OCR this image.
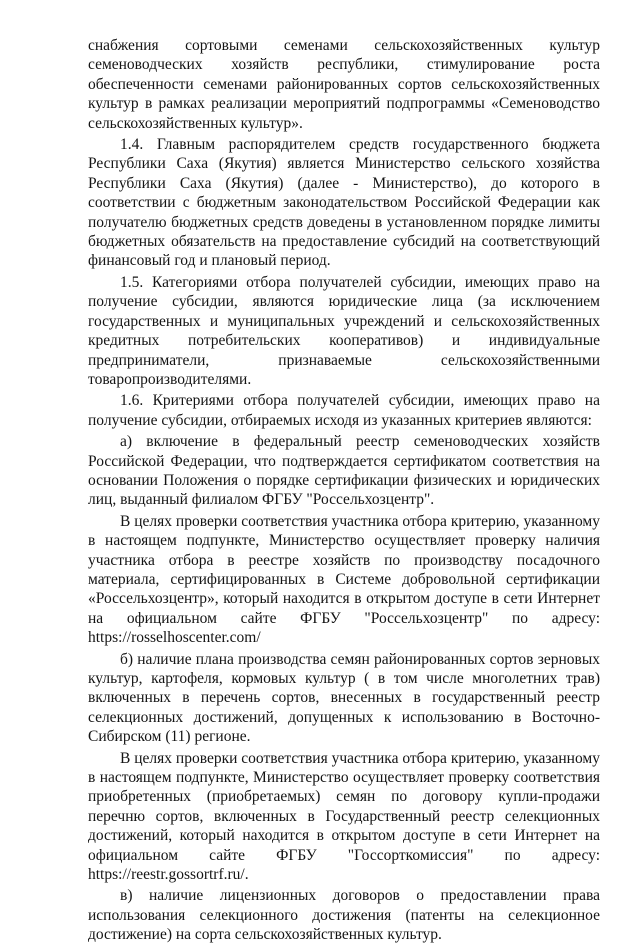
снабжения сортовыми семенами сельскохозяйственных культур семеноводческих хозяйств республики, стимулирование роста обеспеченности семенами районированных сортов сельскохозяйственных культур в рамках реализации мероприятий подпрограммы «Семеноводство сельскохозяйственных культур».

1.4. Главным распорядителем средств государственного бюджета Республики Саха (Якутия) является Министерство сельского хозяйства Республики Саха (Якутия) (далее - Министерство), до которого в соответствии с бюджетным законодательством Российской Федерации как получателю бюджетных средств доведены в установленном порядке лимиты бюджетных обязательств на предоставление субсидий на соответствующий финансовый год и плановый период.

1.5. Категориями отбора получателей субсидии, имеющих право на получение субсидии, являются юридические лица (за исключением государственных и муниципальных учреждений и сельскохозяйственных кредитных потребительских кооперативов) и индивидуальные предприниматели, признаваемые сельскохозяйственными товаропроизводителями.

1.6. Критериями отбора получателей субсидии, имеющих право на получение субсидии, отбираемых исходя из указанных критериев являются:

а) включение в федеральный реестр семеноводческих хозяйств Российской Федерации, что подтверждается сертификатом соответствия на основании Положения о порядке сертификации физических и юридических лиц, выданный филиалом ФГБУ "Россельхозцентр".

В целях проверки соответствия участника отбора критерию, указанному в настоящем подпункте, Министерство осуществляет проверку наличия участника отбора в реестре хозяйств по производству посадочного материала, сертифицированных в Системе добровольной сертификации «Россельхозцентр», который находится в открытом доступе в сети Интернет на официальном сайте ФГБУ "Россельхозцентр" по адресу: https://rosselhoscenter.com/

б) наличие плана производства семян районированных сортов зерновых культур, картофеля, кормовых культур ( в том числе многолетних трав) включенных в перечень сортов, внесенных в государственный реестр селекционных достижений, допущенных к использованию в Восточно-Сибирском (11) регионе.

В целях проверки соответствия участника отбора критерию, указанному в настоящем подпункте, Министерство осуществляет проверку соответствия приобретенных (приобретаемых) семян по договору купли-продажи перечню сортов, включенных в Государственный реестр селекционных достижений, который находится в открытом доступе в сети Интернет на официальном сайте ФГБУ "Госсорткомиссия" по адресу: https://reestr.gossortrf.ru/.

в) наличие лицензионных договоров о предоставлении права использования селекционного достижения (патенты на селекционное достижение) на сорта сельскохозяйственных культур.
